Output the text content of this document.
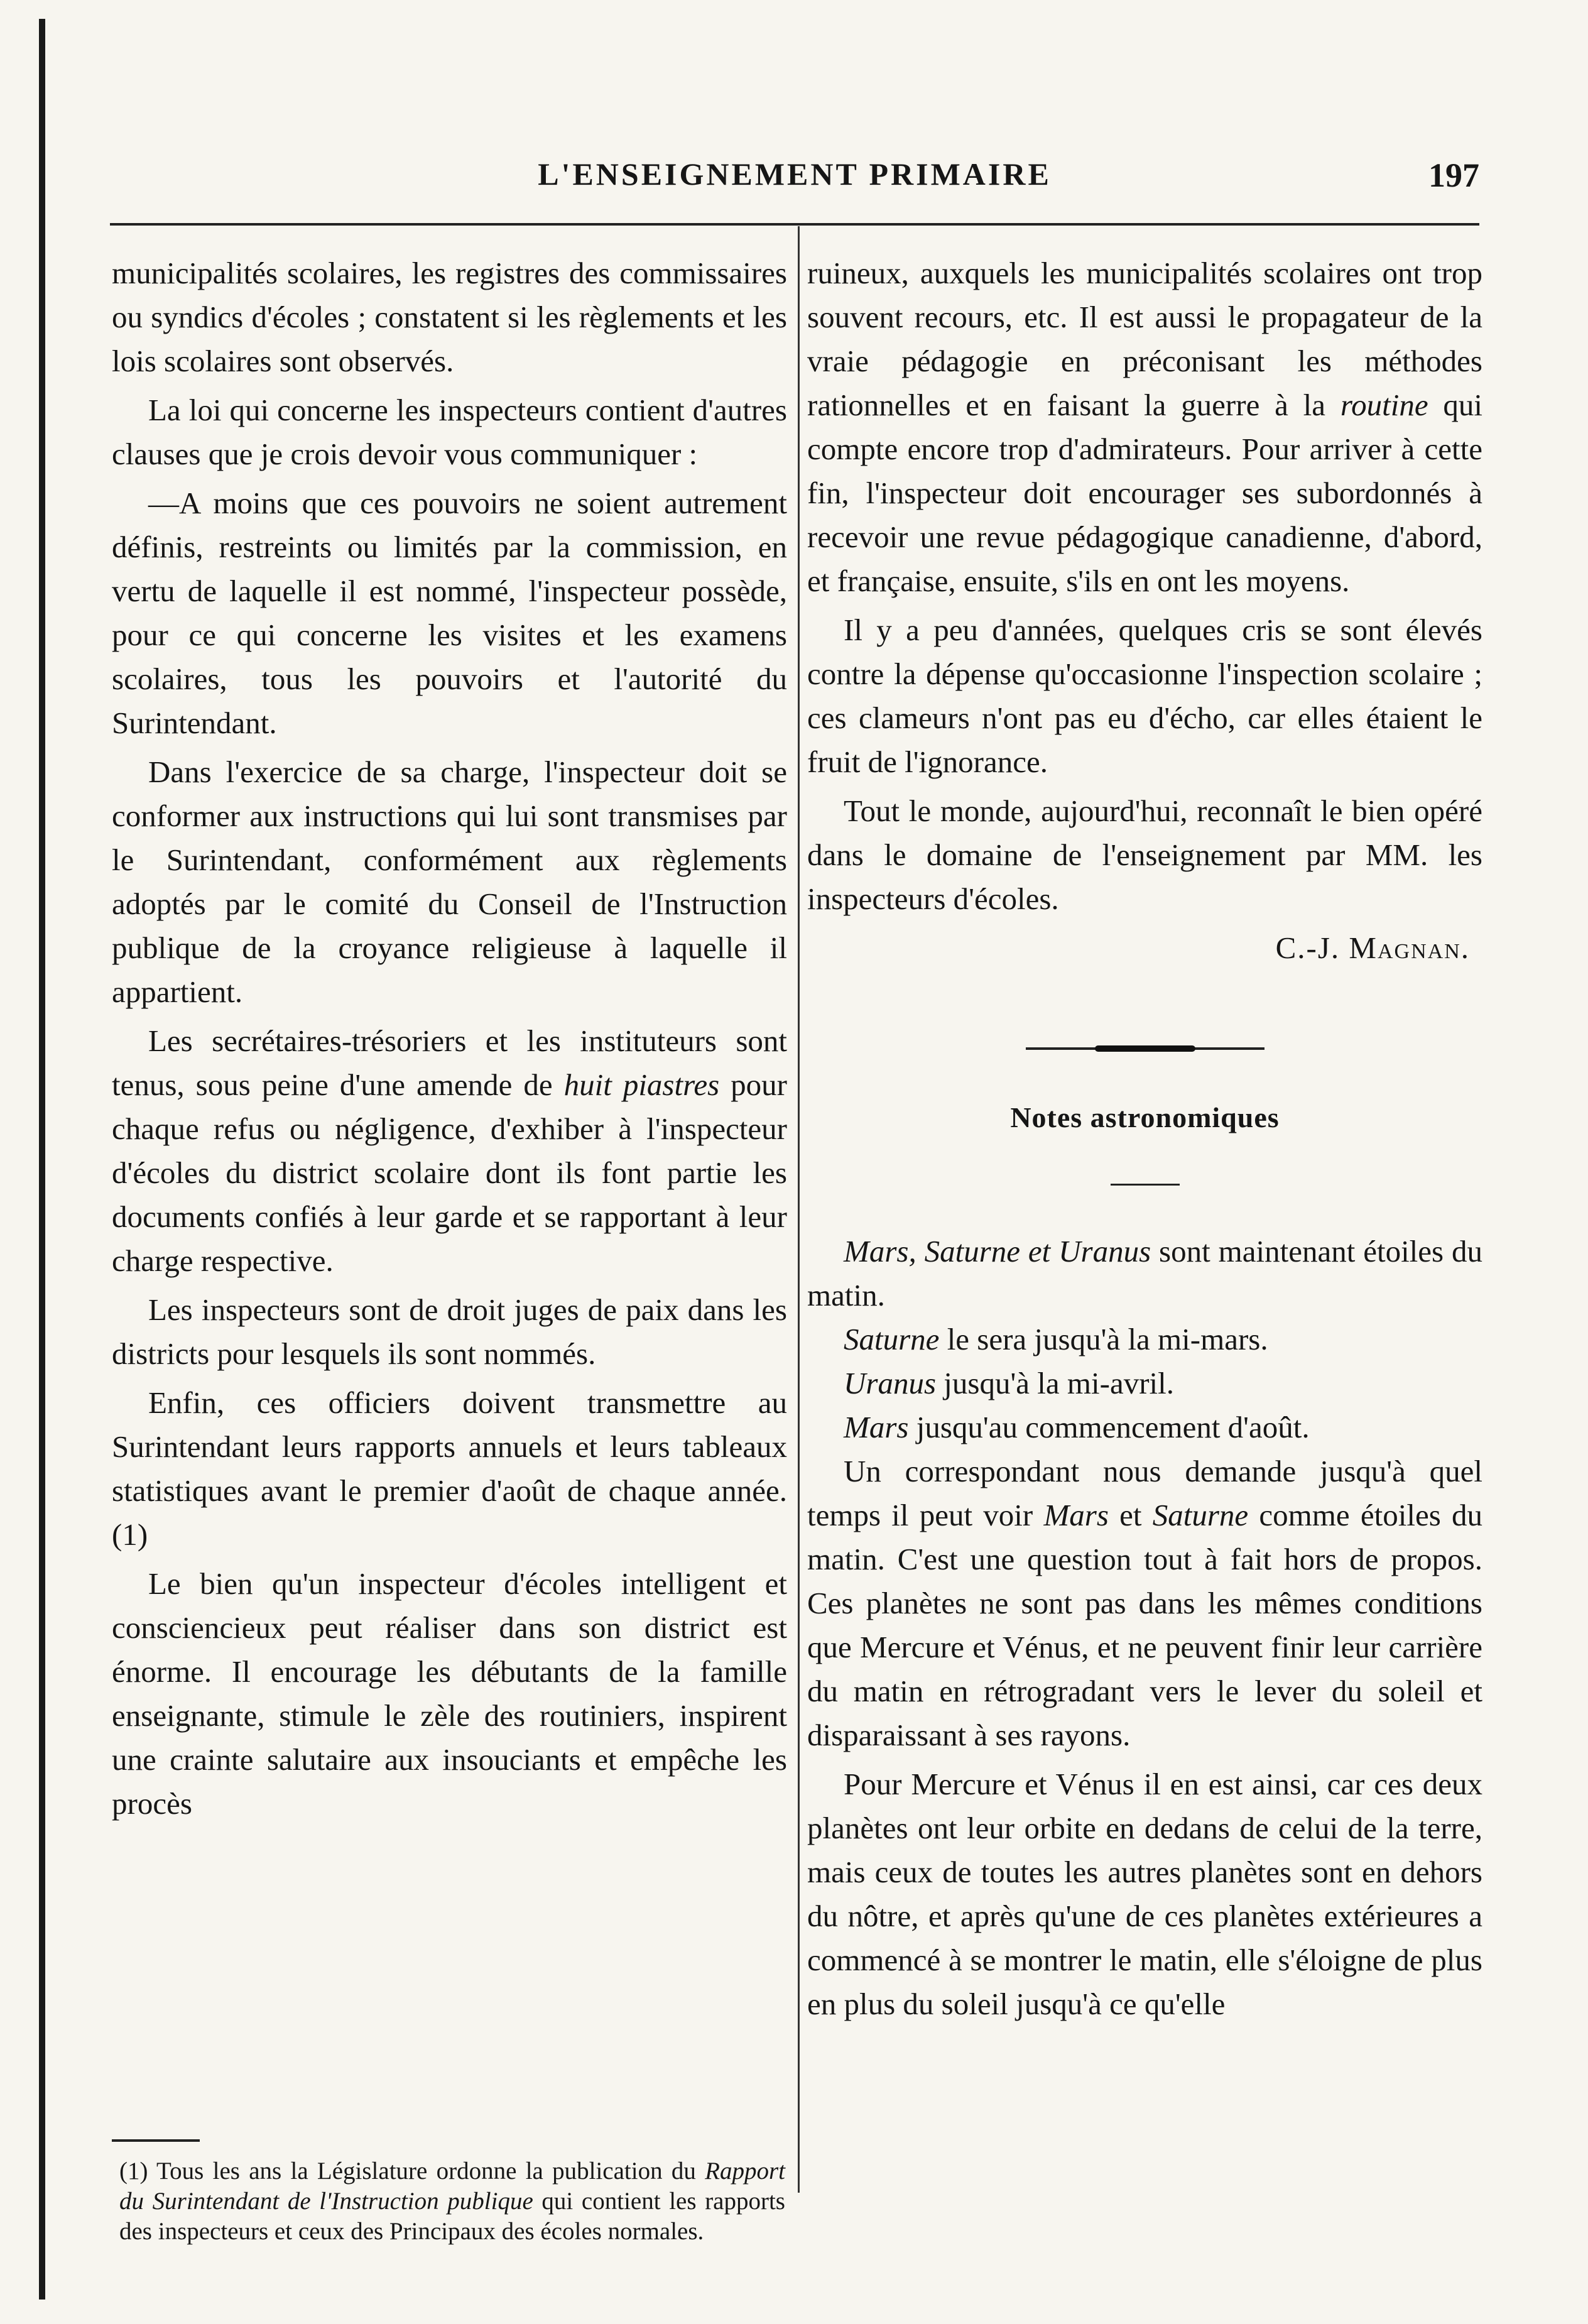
L'ENSEIGNEMENT PRIMAIRE	197

municipalités scolaires, les registres des commissaires ou syndics d'écoles ; constatent si les règlements et les lois scolaires sont observés.

La loi qui concerne les inspecteurs contient d'autres clauses que je crois devoir vous communiquer :

—A moins que ces pouvoirs ne soient autrement définis, restreints ou limités par la commission, en vertu de laquelle il est nommé, l'inspecteur possède, pour ce qui concerne les visites et les examens scolaires, tous les pouvoirs et l'autorité du Surintendant.

Dans l'exercice de sa charge, l'inspecteur doit se conformer aux instructions qui lui sont transmises par le Surintendant, conformément aux règlements adoptés par le comité du Conseil de l'Instruction publique de la croyance religieuse à laquelle il appartient.

Les secrétaires-trésoriers et les instituteurs sont tenus, sous peine d'une amende de huit piastres pour chaque refus ou négligence, d'exhiber à l'inspecteur d'écoles du district scolaire dont ils font partie les documents confiés à leur garde et se rapportant à leur charge respective.

Les inspecteurs sont de droit juges de paix dans les districts pour lesquels ils sont nommés.

Enfin, ces officiers doivent transmettre au Surintendant leurs rapports annuels et leurs tableaux statistiques avant le premier d'août de chaque année. (1)

Le bien qu'un inspecteur d'écoles intelligent et consciencieux peut réaliser dans son district est énorme. Il encourage les débutants de la famille enseignante, stimule le zèle des routiniers, inspirent une crainte salutaire aux insouciants et empêche les procès

(1) Tous les ans la Législature ordonne la publication du Rapport du Surintendant de l'Instruction publique qui contient les rapports des inspecteurs et ceux des Principaux des écoles normales.

ruineux, auxquels les municipalités scolaires ont trop souvent recours, etc. Il est aussi le propagateur de la vraie pédagogie en préconisant les méthodes rationnelles et en faisant la guerre à la routine qui compte encore trop d'admirateurs. Pour arriver à cette fin, l'inspecteur doit encourager ses subordonnés à recevoir une revue pédagogique canadienne, d'abord, et française, ensuite, s'ils en ont les moyens.

Il y a peu d'années, quelques cris se sont élevés contre la dépense qu'occasionne l'inspection scolaire ; ces clameurs n'ont pas eu d'écho, car elles étaient le fruit de l'ignorance.

Tout le monde, aujourd'hui, reconnaît le bien opéré dans le domaine de l'enseignement par MM. les inspecteurs d'écoles.

C.-J. Magnan.
Notes astronomiques

Mars, Saturne et Uranus sont maintenant étoiles du matin.

Saturne le sera jusqu'à la mi-mars.

Uranus jusqu'à la mi-avril.

Mars jusqu'au commencement d'août.

Un correspondant nous demande jusqu'à quel temps il peut voir Mars et Saturne comme étoiles du matin. C'est une question tout à fait hors de propos. Ces planètes ne sont pas dans les mêmes conditions que Mercure et Vénus, et ne peuvent finir leur carrière du matin en rétrogradant vers le lever du soleil et disparaissant à ses rayons.

Pour Mercure et Vénus il en est ainsi, car ces deux planètes ont leur orbite en dedans de celui de la terre, mais ceux de toutes les autres planètes sont en dehors du nôtre, et après qu'une de ces planètes extérieures a commencé à se montrer le matin, elle s'éloigne de plus en plus du soleil jusqu'à ce qu'elle
